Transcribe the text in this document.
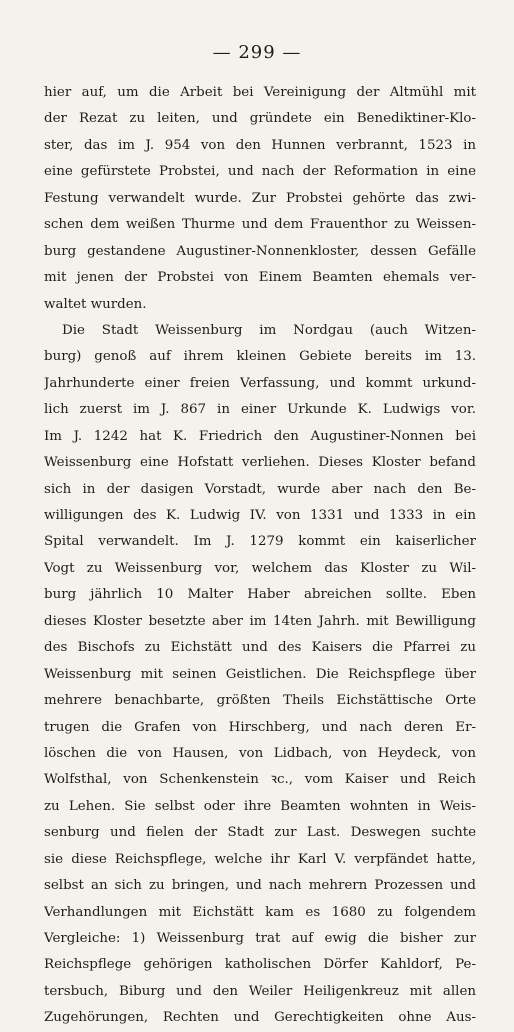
— 299 —
hier auf, um die Arbeit bei Vereinigung der Altmühl mit
der Rezat zu leiten, und gründete ein Benediktiner-Klo-
ster, das im J. 954 von den Hunnen verbrannt, 1523 in
eine gefürstete Probstei, und nach der Reformation in eine
Festung verwandelt wurde. Zur Probstei gehörte das zwi-
schen dem weißen Thurme und dem Frauenthor zu Weissen-
burg gestandene Augustiner-Nonnenkloster, dessen Gefälle
mit jenen der Probstei von Einem Beamten ehemals ver-
waltet wurden.
Die Stadt Weissenburg im Nordgau (auch Witzen-
burg) genoß auf ihrem kleinen Gebiete bereits im 13.
Jahrhunderte einer freien Verfassung, und kommt urkund-
lich zuerst im J. 867 in einer Urkunde K. Ludwigs vor.
Im J. 1242 hat K. Friedrich den Augustiner-Nonnen bei
Weissenburg eine Hofstatt verliehen. Dieses Kloster befand
sich in der dasigen Vorstadt, wurde aber nach den Be-
willigungen des K. Ludwig IV. von 1331 und 1333 in ein
Spital verwandelt. Im J. 1279 kommt ein kaiserlicher
Vogt zu Weissenburg vor, welchem das Kloster zu Wil-
burg jährlich 10 Malter Haber abreichen sollte. Eben
dieses Kloster besetzte aber im 14ten Jahrh. mit Bewilligung
des Bischofs zu Eichstätt und des Kaisers die Pfarrei zu
Weissenburg mit seinen Geistlichen. Die Reichspflege über
mehrere benachbarte, größten Theils Eichstättische Orte
trugen die Grafen von Hirschberg, und nach deren Er-
löschen die von Hausen, von Lidbach, von Heydeck, von
Wolfsthal, von Schenkenstein ꝛc., vom Kaiser und Reich
zu Lehen. Sie selbst oder ihre Beamten wohnten in Weis-
senburg und fielen der Stadt zur Last. Deswegen suchte
sie diese Reichspflege, welche ihr Karl V. verpfändet hatte,
selbst an sich zu bringen, und nach mehrern Prozessen und
Verhandlungen mit Eichstätt kam es 1680 zu folgendem
Vergleiche: 1) Weissenburg trat auf ewig die bisher zur
Reichspflege gehörigen katholischen Dörfer Kahldorf, Pe-
tersbuch, Biburg und den Weiler Heiligenkreuz mit allen
Zugehörungen, Rechten und Gerechtigkeiten ohne Aus-
